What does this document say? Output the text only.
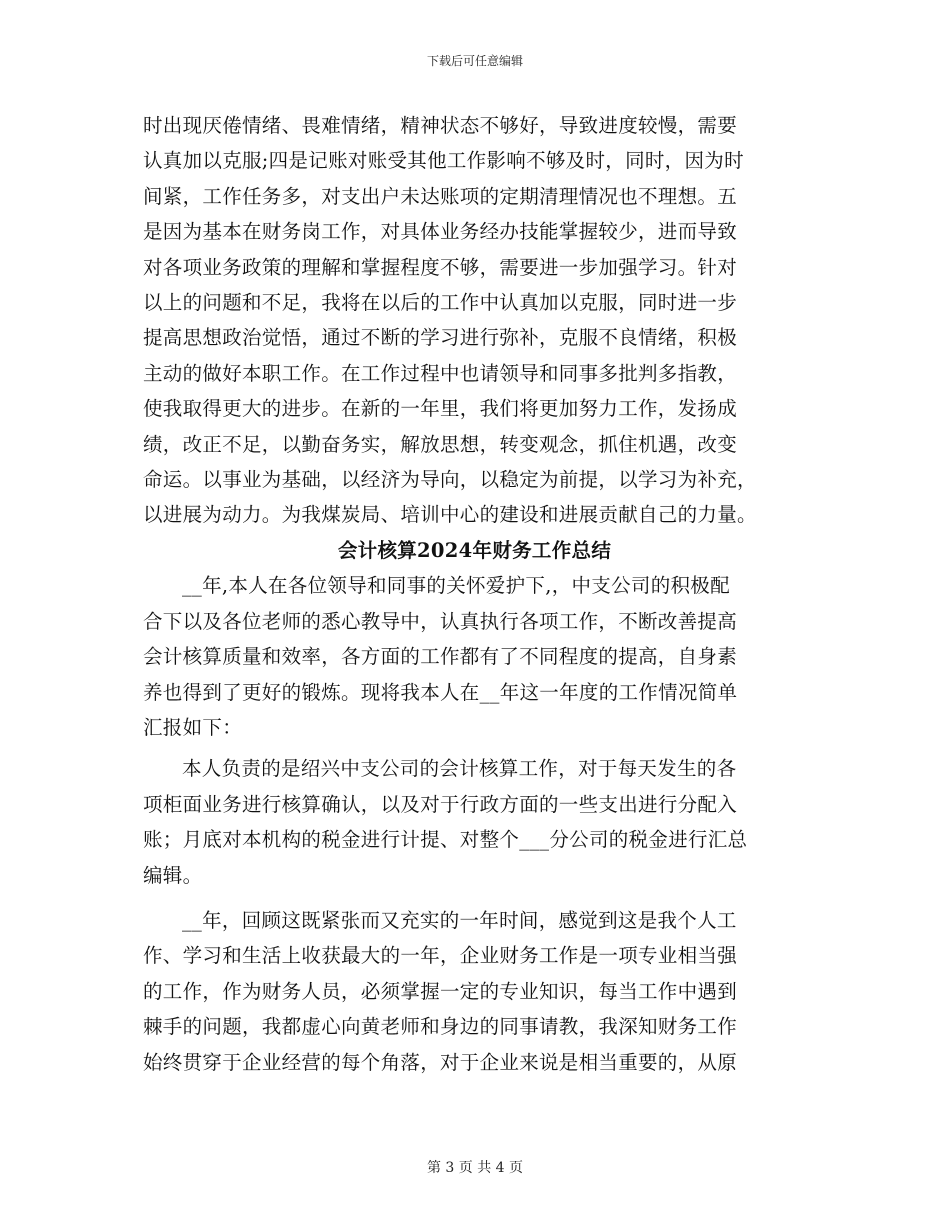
下载后可任意编辑

时出现厌倦情绪、畏难情绪，精神状态不够好，导致进度较慢，需要
认真加以克服;四是记账对账受其他工作影响不够及时，同时，因为时
间紧，工作任务多，对支出户未达账项的定期清理情况也不理想。五
是因为基本在财务岗工作，对具体业务经办技能掌握较少，进而导致
对各项业务政策的理解和掌握程度不够，需要进一步加强学习。针对
以上的问题和不足，我将在以后的工作中认真加以克服，同时进一步
提高思想政治觉悟，通过不断的学习进行弥补，克服不良情绪，积极
主动的做好本职工作。在工作过程中也请领导和同事多批判多指教，
使我取得更大的进步。在新的一年里，我们将更加努力工作，发扬成
绩，改正不足，以勤奋务实，解放思想，转变观念，抓住机遇，改变
命运。以事业为基础，以经济为导向，以稳定为前提，以学习为补充，
以进展为动力。为我煤炭局、培训中心的建设和进展贡献自己的力量。

会计核算2024年财务工作总结

__年,本人在各位领导和同事的关怀爱护下,，中支公司的积极配
合下以及各位老师的悉心教导中，认真执行各项工作，不断改善提高
会计核算质量和效率，各方面的工作都有了不同程度的提高，自身素
养也得到了更好的锻炼。现将我本人在__年这一年度的工作情况简单
汇报如下：

本人负责的是绍兴中支公司的会计核算工作，对于每天发生的各
项柜面业务进行核算确认，以及对于行政方面的一些支出进行分配入
账；月底对本机构的税金进行计提、对整个___分公司的税金进行汇总
编辑。

__年，回顾这既紧张而又充实的一年时间，感觉到这是我个人工
作、学习和生活上收获最大的一年，企业财务工作是一项专业相当强
的工作，作为财务人员，必须掌握一定的专业知识，每当工作中遇到
棘手的问题，我都虚心向黄老师和身边的同事请教，我深知财务工作
始终贯穿于企业经营的每个角落，对于企业来说是相当重要的，从原

第 3 页 共 4 页
